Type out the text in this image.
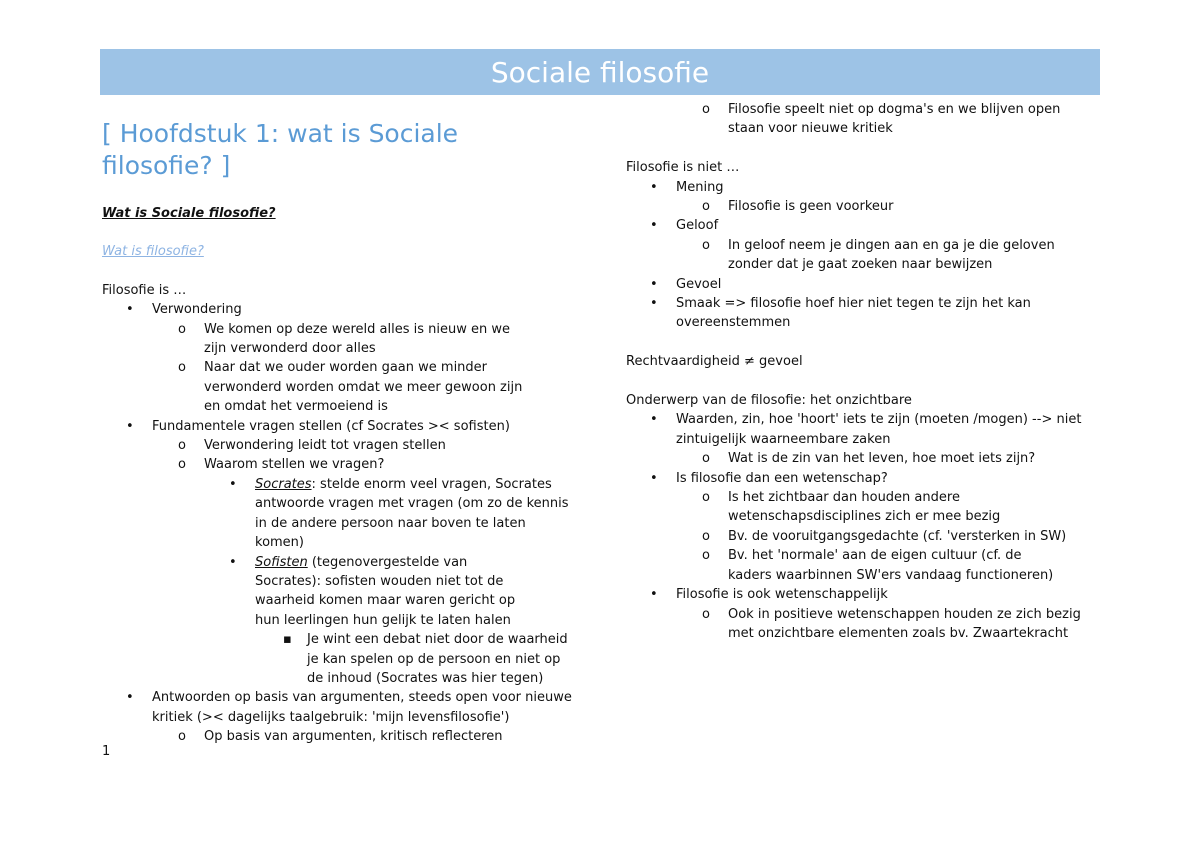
Sociale filosofie
[ Hoofdstuk 1: wat is Sociale filosofie? ]
Wat is Sociale filosofie?
Wat is filosofie?
Filosofie is …
• Verwondering
o We komen op deze wereld alles is nieuw en we zijn verwonderd door alles
o Naar dat we ouder worden gaan we minder verwonderd worden omdat we meer gewoon zijn en omdat het vermoeiend is
• Fundamentele vragen stellen (cf Socrates >< sofisten)
o Verwondering leidt tot vragen stellen
o Waarom stellen we vragen?
• Socrates: stelde enorm veel vragen, Socrates antwoorde vragen met vragen (om zo de kennis in de andere persoon naar boven te laten komen)
• Sofisten (tegenovergestelde van Socrates): sofisten wouden niet tot de waarheid komen maar waren gericht op hun leerlingen hun gelijk te laten halen
▪ Je wint een debat niet door de waarheid je kan spelen op de persoon en niet op de inhoud (Socrates was hier tegen)
• Antwoorden op basis van argumenten, steeds open voor nieuwe kritiek (>< dagelijks taalgebruik: 'mijn levensfilosofie')
o Op basis van argumenten, kritisch reflecteren
o Filosofie speelt niet op dogma's en we blijven open staan voor nieuwe kritiek
Filosofie is niet …
• Mening
o Filosofie is geen voorkeur
• Geloof
o In geloof neem je dingen aan en ga je die geloven zonder dat je gaat zoeken naar bewijzen
• Gevoel
• Smaak => filosofie hoef hier niet tegen te zijn het kan overeenstemmen
Rechtvaardigheid ≠ gevoel
Onderwerp van de filosofie: het onzichtbare
• Waarden, zin, hoe 'hoort' iets te zijn (moeten /mogen) --> niet zintuigelijk waarneembare zaken
o Wat is de zin van het leven, hoe moet iets zijn?
• Is filosofie dan een wetenschap?
o Is het zichtbaar dan houden andere wetenschapsdisciplines zich er mee bezig
o Bv. de vooruitgangsgedachte (cf. 'versterken in SW)
o Bv. het 'normale' aan de eigen cultuur (cf. de kaders waarbinnen SW'ers vandaag functioneren)
• Filosofie is ook wetenschappelijk
o Ook in positieve wetenschappen houden ze zich bezig met onzichtbare elementen zoals bv. Zwaartekracht
1
